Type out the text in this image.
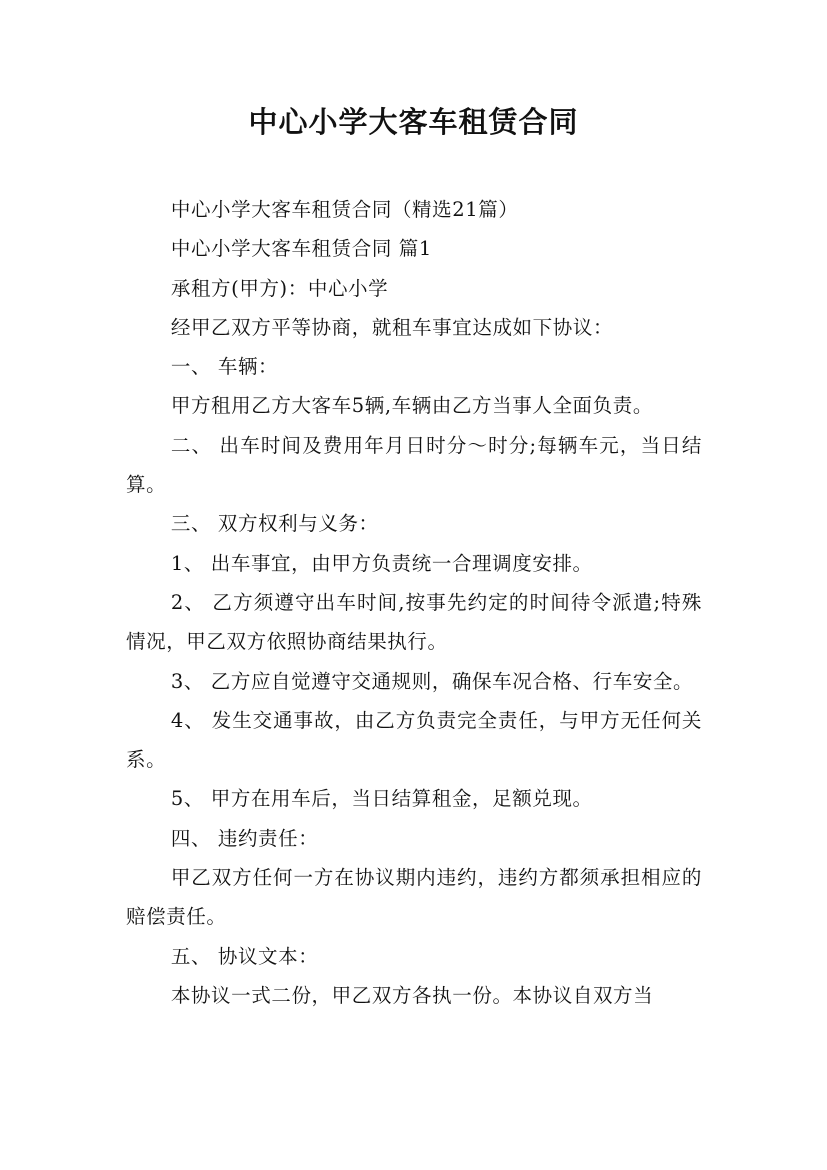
中心小学大客车租赁合同

中心小学大客车租赁合同（精选21篇）

中心小学大客车租赁合同 篇1

承租方(甲方)：中心小学

经甲乙双方平等协商，就租车事宜达成如下协议：

一、 车辆：

甲方租用乙方大客车5辆,车辆由乙方当事人全面负责。

二、 出车时间及费用年月日时分～时分;每辆车元，当日结算。

三、 双方权利与义务：

1、 出车事宜，由甲方负责统一合理调度安排。

2、 乙方须遵守出车时间,按事先约定的时间待令派遣;特殊情况，甲乙双方依照协商结果执行。

3、 乙方应自觉遵守交通规则，确保车况合格、行车安全。

4、 发生交通事故，由乙方负责完全责任，与甲方无任何关系。

5、 甲方在用车后，当日结算租金，足额兑现。

四、 违约责任：

甲乙双方任何一方在协议期内违约，违约方都须承担相应的赔偿责任。

五、 协议文本：

本协议一式二份，甲乙双方各执一份。本协议自双方当
